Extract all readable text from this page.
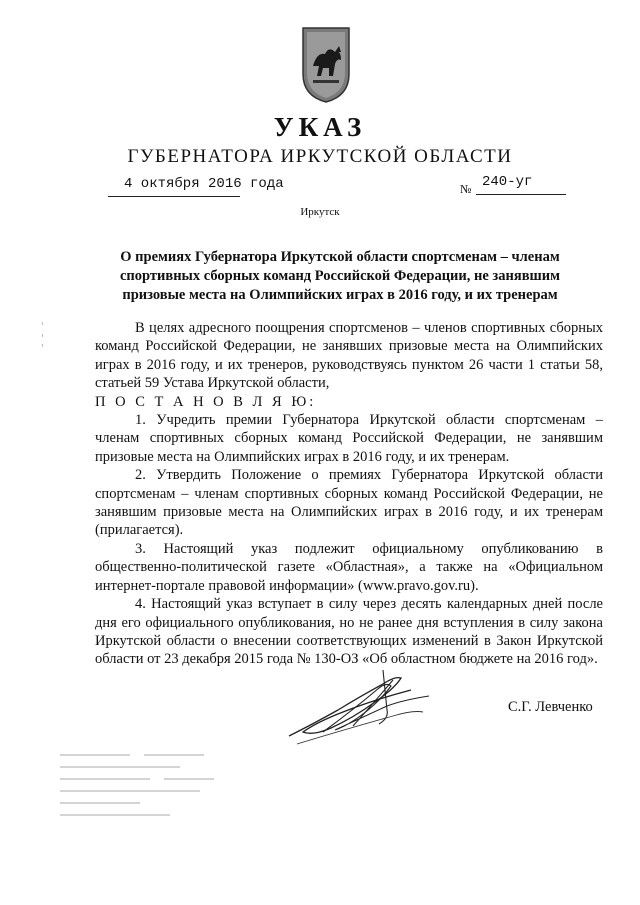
УКАЗ
ГУБЕРНАТОРА ИРКУТСКОЙ ОБЛАСТИ
4 октября 2016 года	№ 240-уг
Иркутск
О премиях Губернатора Иркутской области спортсменам – членам спортивных сборных команд Российской Федерации, не занявшим призовые места на Олимпийских играх в 2016 году, и их тренерам

В целях адресного поощрения спортсменов – членов спортивных сборных команд Российской Федерации, не занявших призовые места на Олимпийских играх в 2016 году, и их тренеров, руководствуясь пунктом 26 части 1 статьи 58, статьей 59 Устава Иркутской области,

П О С Т А Н О В Л Я Ю:

1. Учредить премии Губернатора Иркутской области спортсменам – членам спортивных сборных команд Российской Федерации, не занявшим призовые места на Олимпийских играх в 2016 году, и их тренерам.

2. Утвердить Положение о премиях Губернатора Иркутской области спортсменам – членам спортивных сборных команд Российской Федерации, не занявшим призовые места на Олимпийских играх в 2016 году, и их тренерам (прилагается).

3. Настоящий указ подлежит официальному опубликованию в общественно-политической газете «Областная», а также на «Официальном интернет-портале правовой информации» (www.pravo.gov.ru).

4. Настоящий указ вступает в силу через десять календарных дней после дня его официального опубликования, но не ранее дня вступления в силу закона Иркутской области о внесении соответствующих изменений в Закон Иркутской области от 23 декабря 2015 года № 130-ОЗ «Об областном бюджете на 2016 год».

С.Г. Левченко
